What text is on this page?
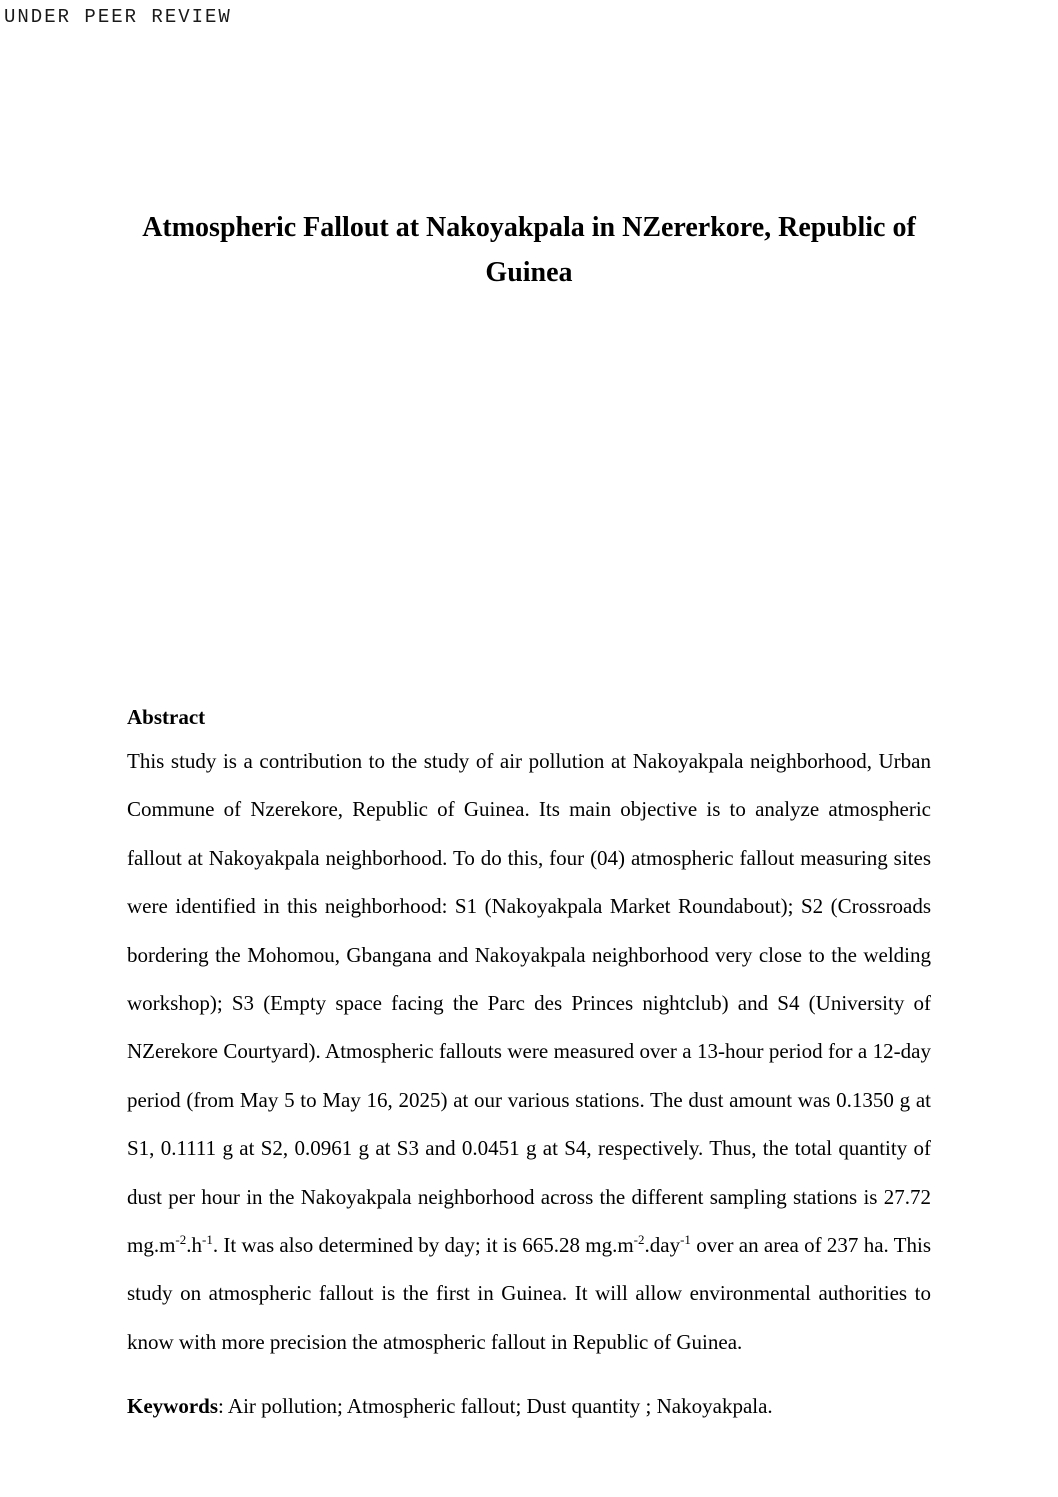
UNDER PEER REVIEW
Atmospheric Fallout at Nakoyakpala in NZererkore, Republic of Guinea
Abstract

This study is a contribution to the study of air pollution at Nakoyakpala neighborhood, Urban Commune of Nzerekore, Republic of Guinea. Its main objective is to analyze atmospheric fallout at Nakoyakpala neighborhood. To do this, four (04) atmospheric fallout measuring sites were identified in this neighborhood: S1 (Nakoyakpala Market Roundabout); S2 (Crossroads bordering the Mohomou, Gbangana and Nakoyakpala neighborhood very close to the welding workshop); S3 (Empty space facing the Parc des Princes nightclub) and S4 (University of NZerekore Courtyard). Atmospheric fallouts were measured over a 13-hour period for a 12-day period (from May 5 to May 16, 2025) at our various stations. The dust amount was 0.1350 g at S1, 0.1111 g at S2, 0.0961 g at S3 and 0.0451 g at S4, respectively. Thus, the total quantity of dust per hour in the Nakoyakpala neighborhood across the different sampling stations is 27.72 $mg.m^{-2}.h^{-1}$. It was also determined by day; it is 665.28 $mg.m^{-2}.day^{-1}$ over an area of 237 ha. This study on atmospheric fallout is the first in Guinea. It will allow environmental authorities to know with more precision the atmospheric fallout in Republic of Guinea.

Keywords: Air pollution; Atmospheric fallout; Dust quantity ; Nakoyakpala.
